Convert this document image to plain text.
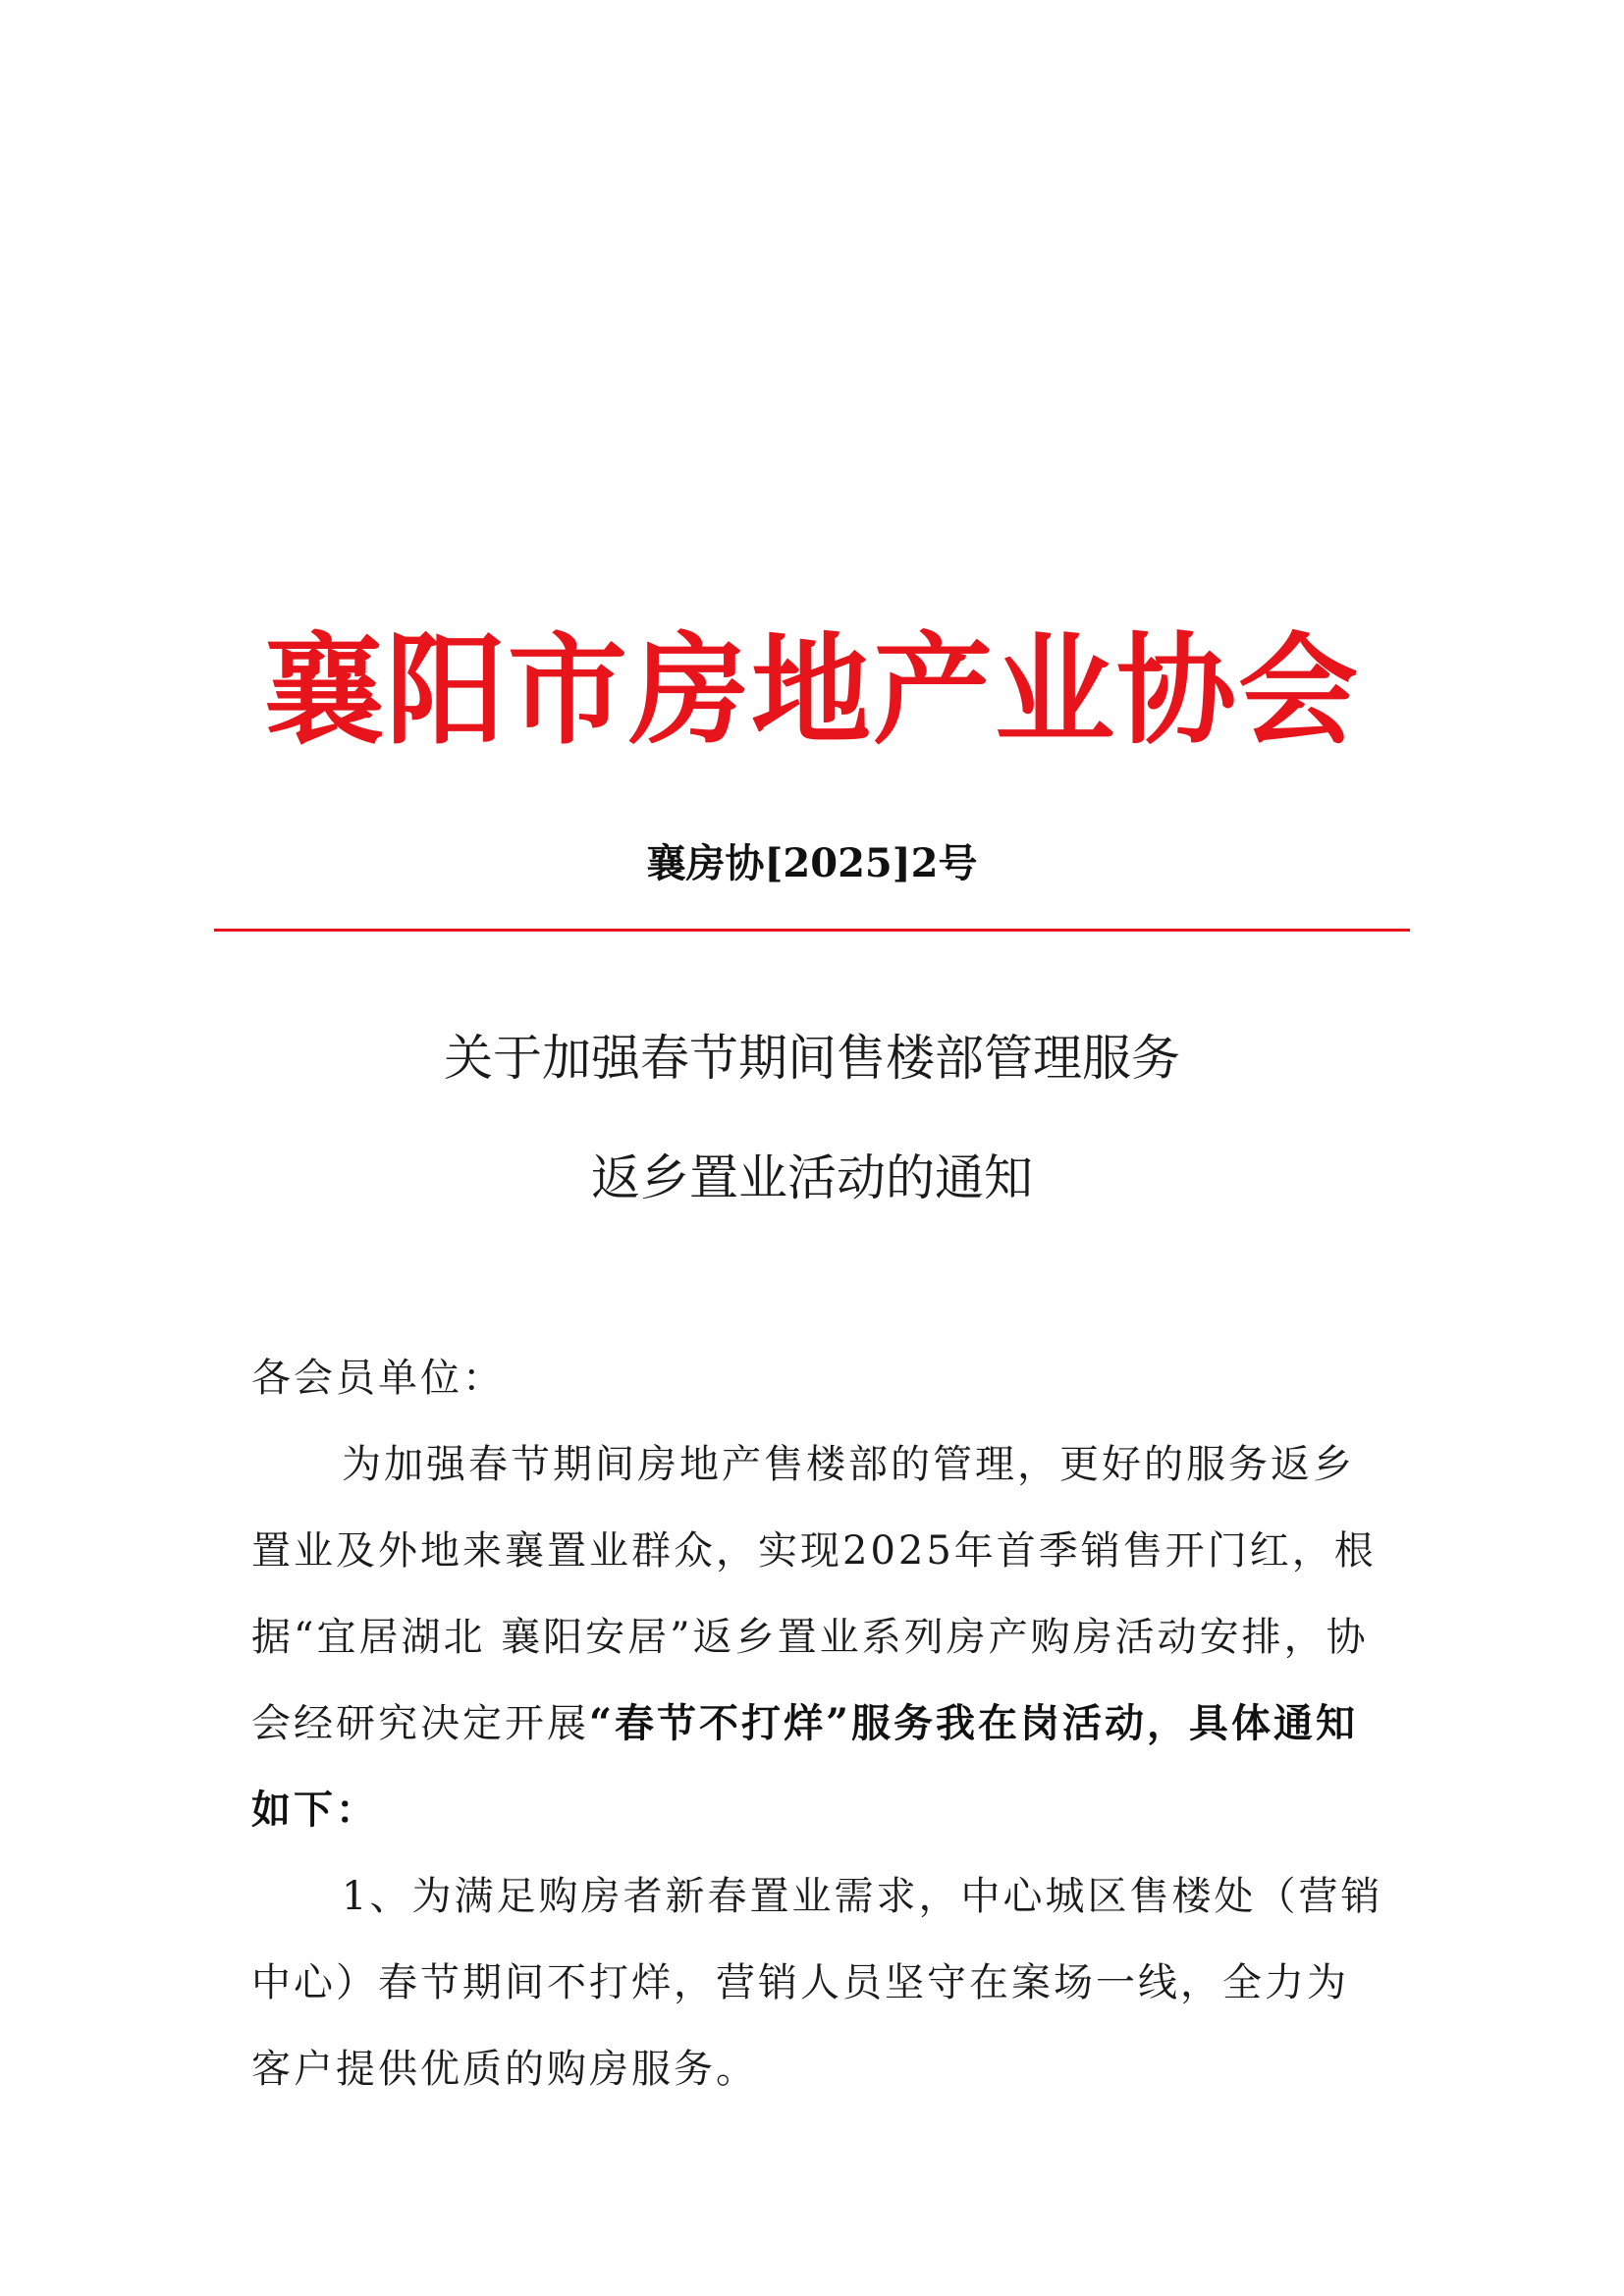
襄阳市房地产业协会
襄房协[2025]2号
关于加强春节期间售楼部管理服务
返乡置业活动的通知
各会员单位：
为加强春节期间房地产售楼部的管理，更好的服务返乡置业及外地来襄置业群众，实现2025年首季销售开门红，根据“宜居湖北 襄阳安居”返乡置业系列房产购房活动安排，协会经研究决定开展“春节不打烊”服务我在岗活动，具体通知如下：
1、为满足购房者新春置业需求，中心城区售楼处（营销中心）春节期间不打烊，营销人员坚守在案场一线，全力为客户提供优质的购房服务。
